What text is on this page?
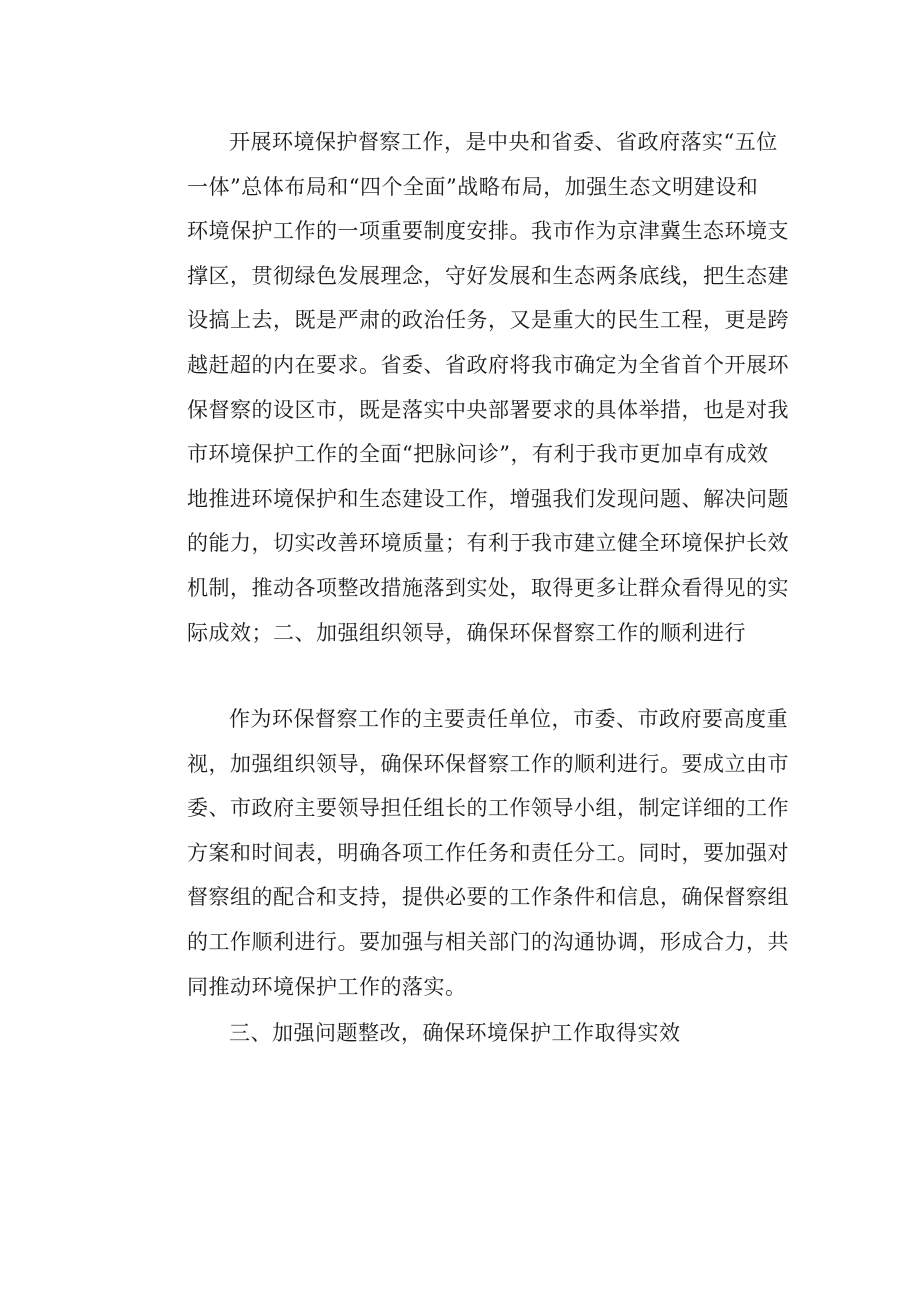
开展环境保护督察工作，是中央和省委、省政府落实“五位
一体”总体布局和“四个全面”战略布局，加强生态文明建设和
环境保护工作的一项重要制度安排。我市作为京津冀生态环境支
撑区，贯彻绿色发展理念，守好发展和生态两条底线，把生态建
设搞上去，既是严肃的政治任务，又是重大的民生工程，更是跨
越赶超的内在要求。省委、省政府将我市确定为全省首个开展环
保督察的设区市，既是落实中央部署要求的具体举措，也是对我
市环境保护工作的全面“把脉问诊”，有利于我市更加卓有成效
地推进环境保护和生态建设工作，增强我们发现问题、解决问题
的能力，切实改善环境质量；有利于我市建立健全环境保护长效
机制，推动各项整改措施落到实处，取得更多让群众看得见的实
际成效；二、加强组织领导，确保环保督察工作的顺利进行
作为环保督察工作的主要责任单位，市委、市政府要高度重
视，加强组织领导，确保环保督察工作的顺利进行。要成立由市
委、市政府主要领导担任组长的工作领导小组，制定详细的工作
方案和时间表，明确各项工作任务和责任分工。同时，要加强对
督察组的配合和支持，提供必要的工作条件和信息，确保督察组
的工作顺利进行。要加强与相关部门的沟通协调，形成合力，共
同推动环境保护工作的落实。
三、加强问题整改，确保环境保护工作取得实效
